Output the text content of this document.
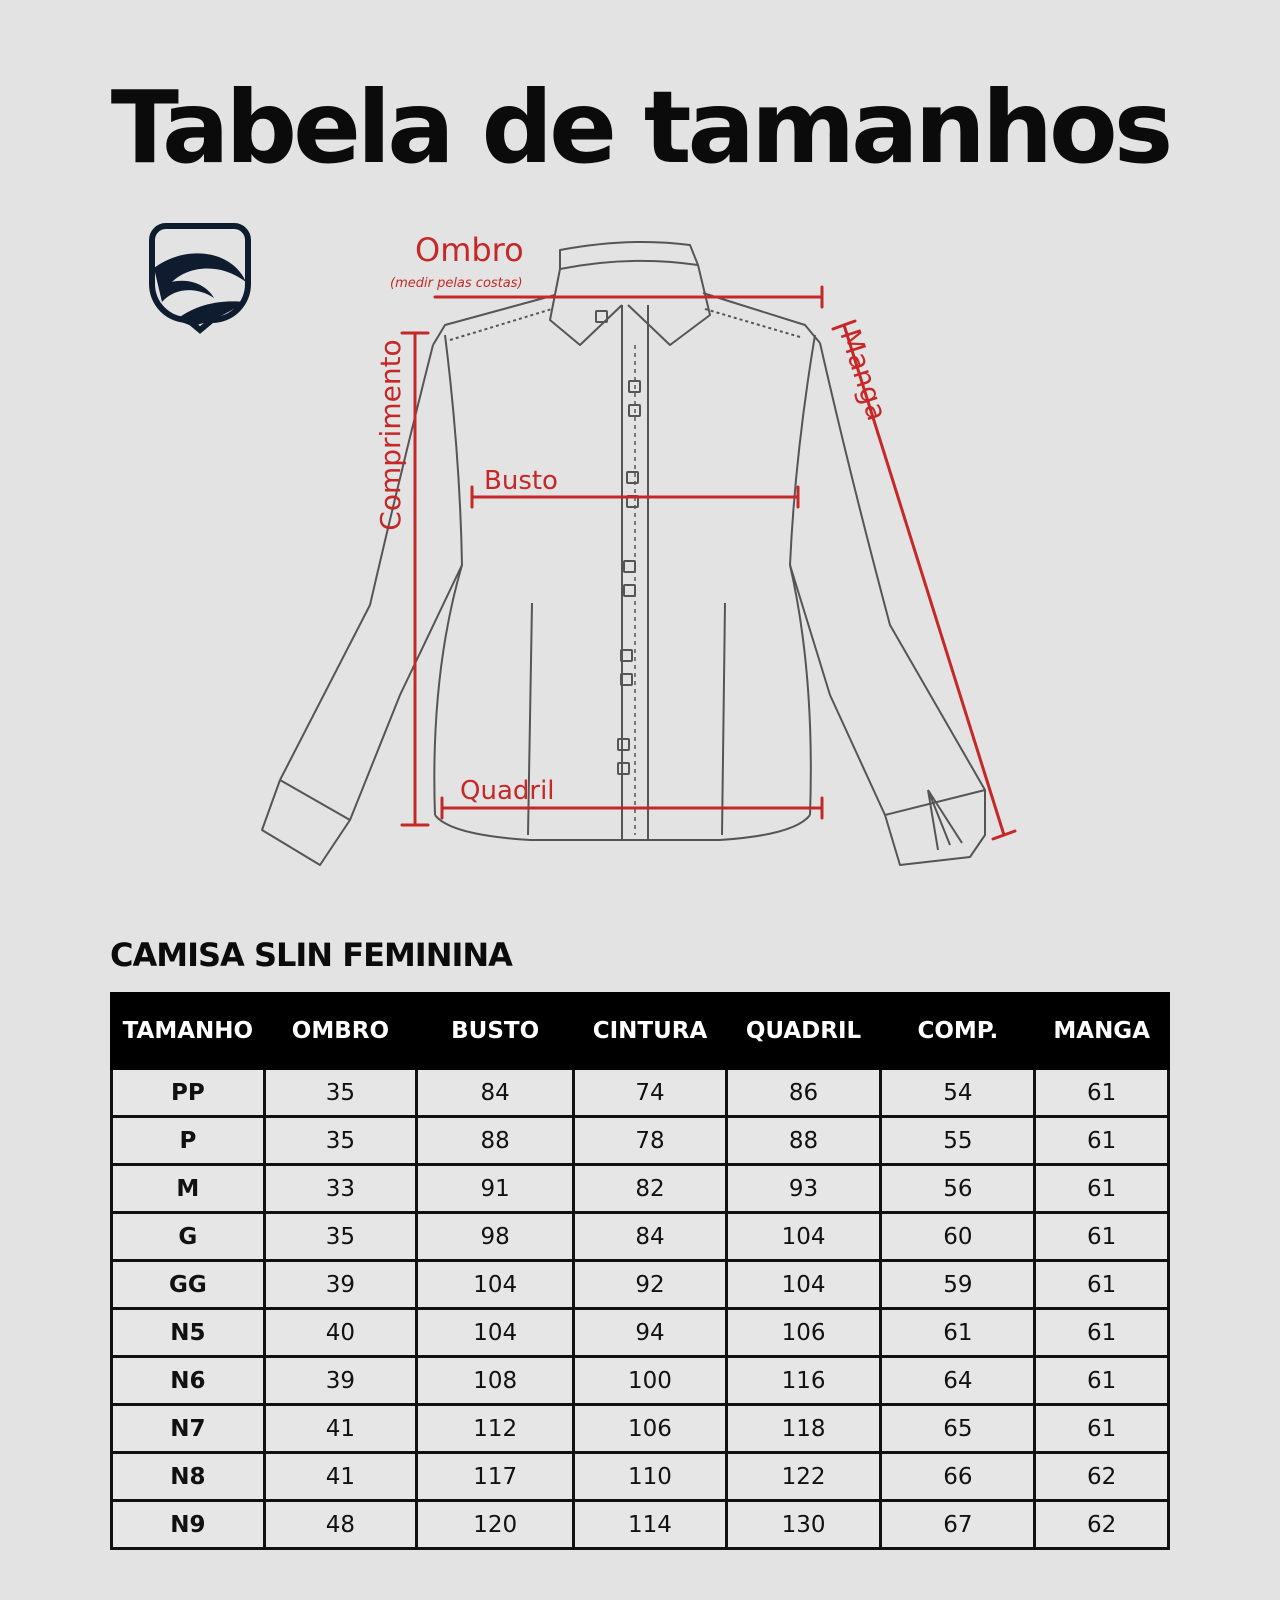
Tabela de tamanhos
Ombro
(medir pelas costas)
Manga
Comprimento	Busto
Quadril
CAMISA SLIN FEMININA
TAMANHO	OMBRO	BUSTO	CINTURA	QUADRIL	COMP.	MANGA
PP	35	84	74	86	54	61
P	35	88	78	88	55	61
M	33	91	82	93	56	61
G	35	98	84	104	60	61
GG	39	104	92	104	59	61
N5	40	104	94	106	61	61
N6	39	108	100	116	64	61
N7	41	112	106	118	65	61
N8	41	117	110	122	66	62
N9	48	120	114	130	67	62
